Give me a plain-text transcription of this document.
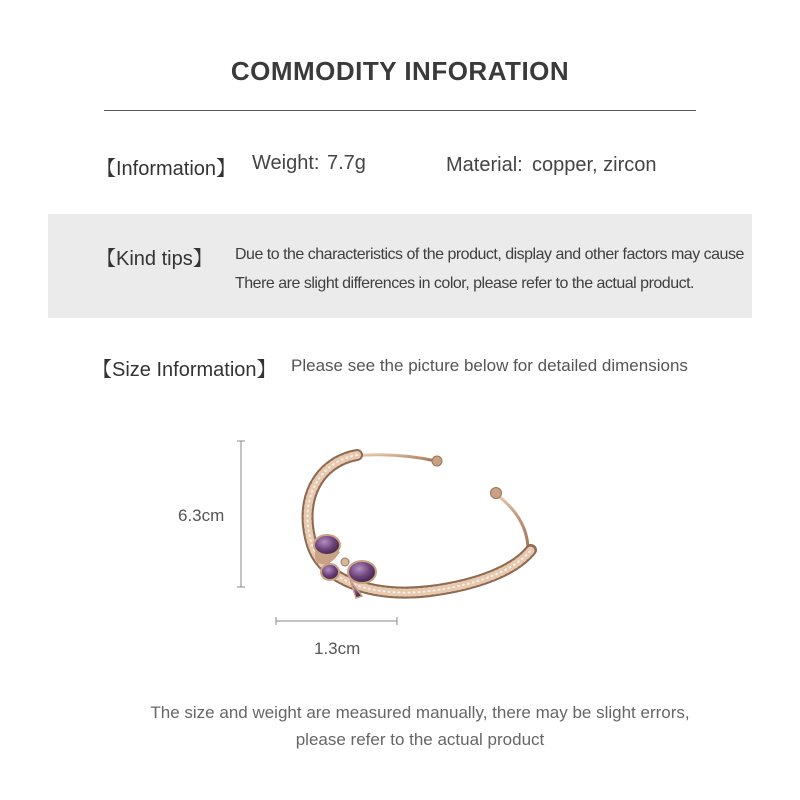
COMMODITY INFORATION
【Information】 Weight: 7.7g	Material: copper, zircon
【Kind tips】 Due to the characteristics of the product, display and other factors may cause
There are slight differences in color, please refer to the actual product.
【Size Information】 Please see the picture below for detailed dimensions
6.3cm
1.3cm
The size and weight are measured manually, there may be slight errors,
please refer to the actual product
